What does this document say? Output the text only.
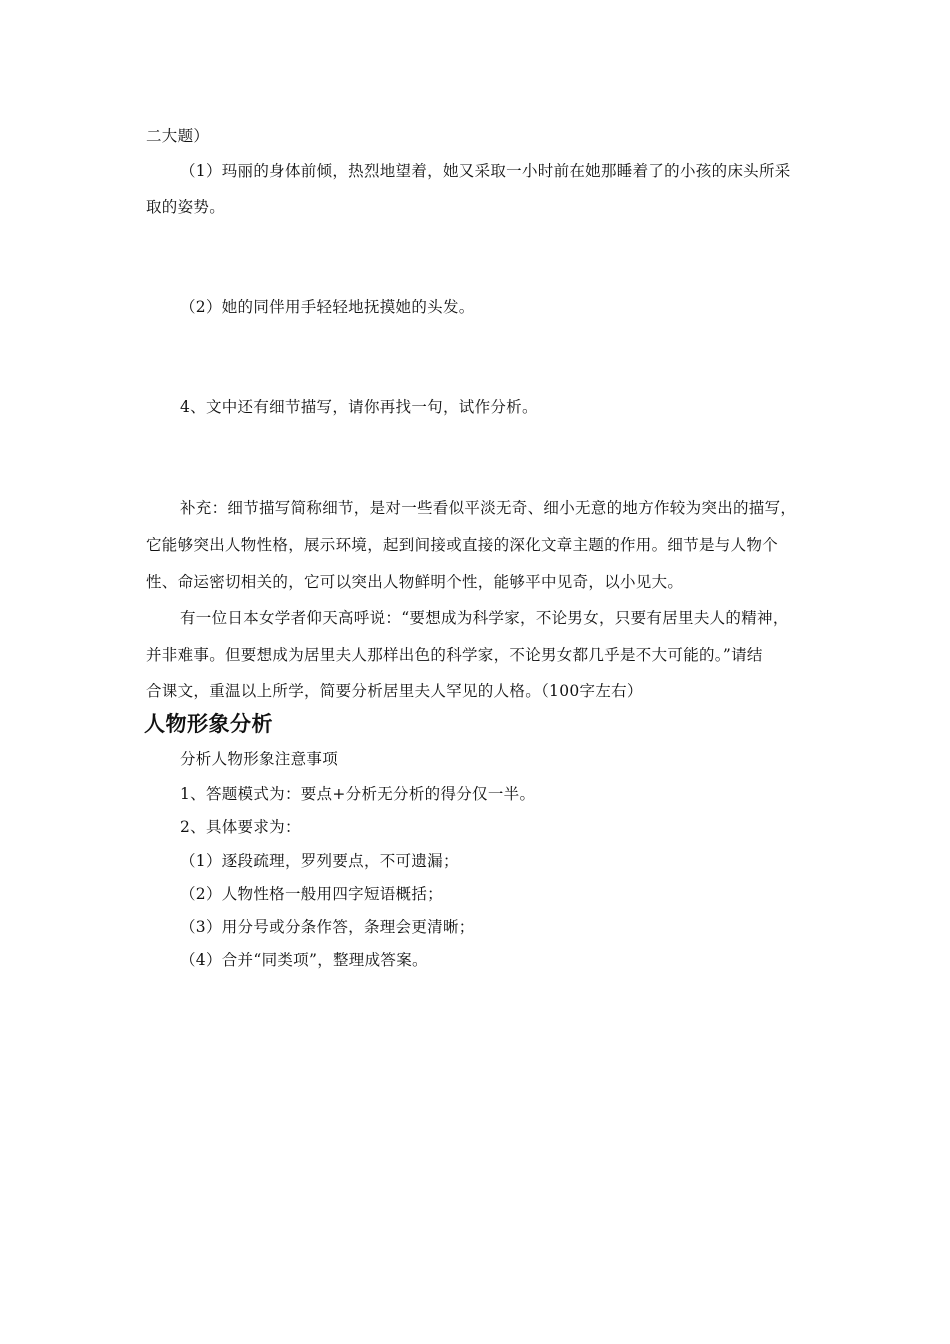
二大题）
（1）玛丽的身体前倾，热烈地望着，她又采取一小时前在她那睡着了的小孩的床头所采
取的姿势。
（2）她的同伴用手轻轻地抚摸她的头发。
4、文中还有细节描写，请你再找一句，试作分析。
补充：细节描写简称细节，是对一些看似平淡无奇、细小无意的地方作较为突出的描写，
它能够突出人物性格，展示环境，起到间接或直接的深化文章主题的作用。细节是与人物个
性、命运密切相关的，它可以突出人物鲜明个性，能够平中见奇，以小见大。
有一位日本女学者仰天高呼说：“要想成为科学家，不论男女，只要有居里夫人的精神，
并非难事。但要想成为居里夫人那样出色的科学家，不论男女都几乎是不大可能的。”请结
合课文，重温以上所学，简要分析居里夫人罕见的人格。（100字左右）
人物形象分析
分析人物形象注意事项
1、答题模式为：要点+分析无分析的得分仅一半。
2、具体要求为：
（1）逐段疏理，罗列要点，不可遗漏；
（2）人物性格一般用四字短语概括；
（3）用分号或分条作答，条理会更清晰；
（4）合并“同类项”，整理成答案。
